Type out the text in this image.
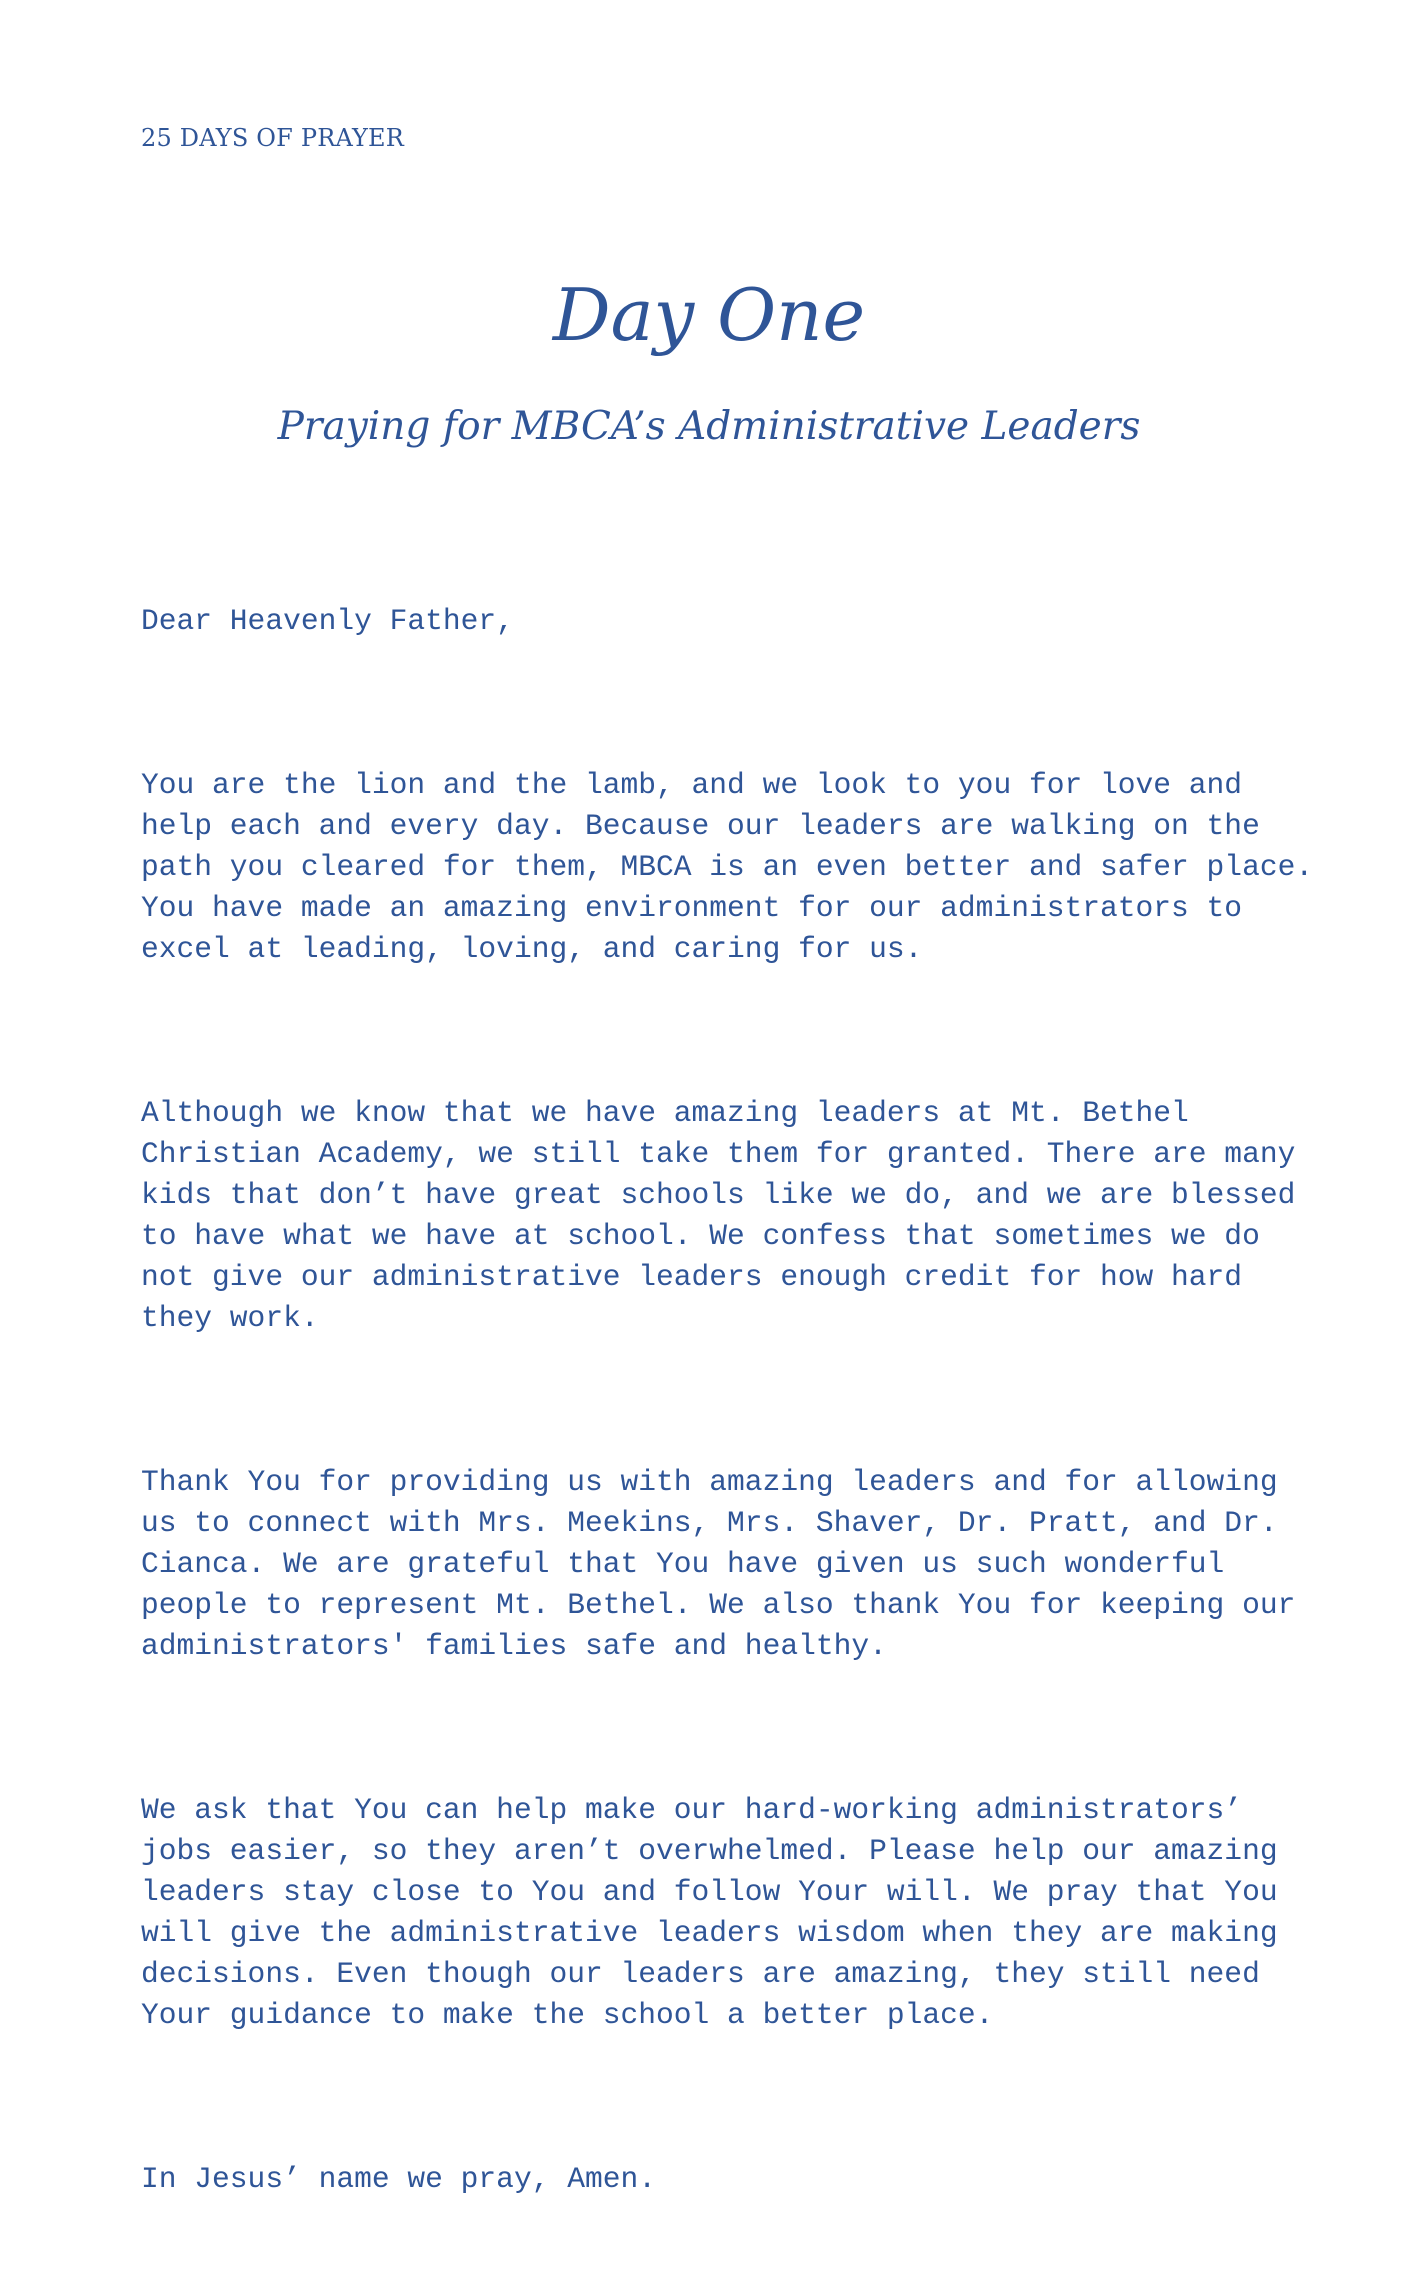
25 DAYS OF PRAYER
Day One
Praying for MBCA’s Administrative Leaders

Dear Heavenly Father,

You are the lion and the lamb, and we look to you for love and
help each and every day. Because our leaders are walking on the
path you cleared for them, MBCA is an even better and safer place.
You have made an amazing environment for our administrators to
excel at leading, loving, and caring for us.

Although we know that we have amazing leaders at Mt. Bethel
Christian Academy, we still take them for granted. There are many
kids that don’t have great schools like we do, and we are blessed
to have what we have at school. We confess that sometimes we do
not give our administrative leaders enough credit for how hard
they work.

Thank You for providing us with amazing leaders and for allowing
us to connect with Mrs. Meekins, Mrs. Shaver, Dr. Pratt, and Dr.
Cianca. We are grateful that You have given us such wonderful
people to represent Mt. Bethel. We also thank You for keeping our
administrators' families safe and healthy.

We ask that You can help make our hard-working administrators’
jobs easier, so they aren’t overwhelmed. Please help our amazing
leaders stay close to You and follow Your will. We pray that You
will give the administrative leaders wisdom when they are making
decisions. Even though our leaders are amazing, they still need
Your guidance to make the school a better place.

In Jesus’ name we pray, Amen.
